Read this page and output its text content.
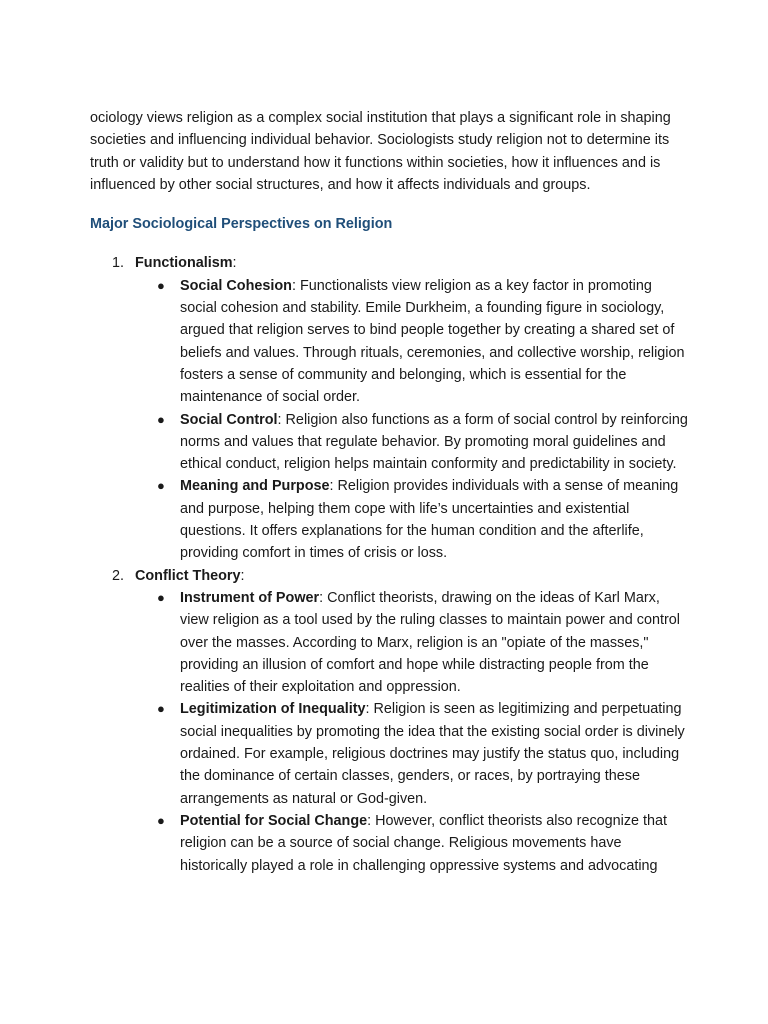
ociology views religion as a complex social institution that plays a significant role in shaping societies and influencing individual behavior. Sociologists study religion not to determine its truth or validity but to understand how it functions within societies, how it influences and is influenced by other social structures, and how it affects individuals and groups.

Major Sociological Perspectives on Religion
1. Functionalism:
● Social Cohesion: Functionalists view religion as a key factor in promoting social cohesion and stability. Emile Durkheim, a founding figure in sociology, argued that religion serves to bind people together by creating a shared set of beliefs and values. Through rituals, ceremonies, and collective worship, religion fosters a sense of community and belonging, which is essential for the maintenance of social order.
● Social Control: Religion also functions as a form of social control by reinforcing norms and values that regulate behavior. By promoting moral guidelines and ethical conduct, religion helps maintain conformity and predictability in society.
● Meaning and Purpose: Religion provides individuals with a sense of meaning and purpose, helping them cope with life’s uncertainties and existential questions. It offers explanations for the human condition and the afterlife, providing comfort in times of crisis or loss.
2. Conflict Theory:
● Instrument of Power: Conflict theorists, drawing on the ideas of Karl Marx, view religion as a tool used by the ruling classes to maintain power and control over the masses. According to Marx, religion is an "opiate of the masses," providing an illusion of comfort and hope while distracting people from the realities of their exploitation and oppression.
● Legitimization of Inequality: Religion is seen as legitimizing and perpetuating social inequalities by promoting the idea that the existing social order is divinely ordained. For example, religious doctrines may justify the status quo, including the dominance of certain classes, genders, or races, by portraying these arrangements as natural or God-given.
● Potential for Social Change: However, conflict theorists also recognize that religion can be a source of social change. Religious movements have historically played a role in challenging oppressive systems and advocating
